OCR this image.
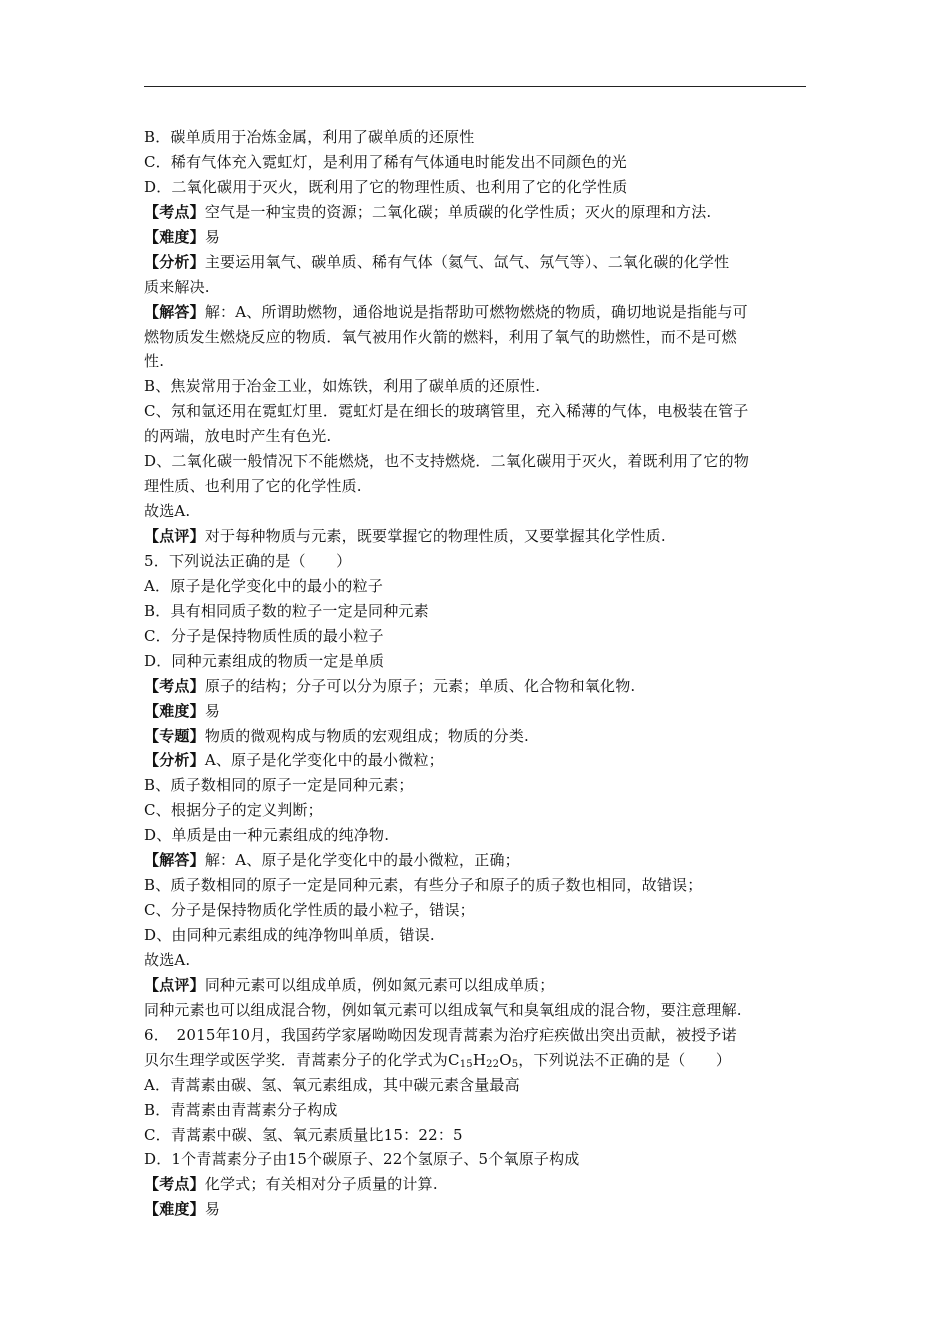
B．碳单质用于冶炼金属，利用了碳单质的还原性
C．稀有气体充入霓虹灯，是利用了稀有气体通电时能发出不同颜色的光
D．二氧化碳用于灭火，既利用了它的物理性质、也利用了它的化学性质
【考点】空气是一种宝贵的资源；二氧化碳；单质碳的化学性质；灭火的原理和方法.
【难度】易
【分析】主要运用氧气、碳单质、稀有气体（氦气、氙气、氖气等）、二氧化碳的化学性
质来解决.
【解答】解：A、所谓助燃物，通俗地说是指帮助可燃物燃烧的物质，确切地说是指能与可
燃物质发生燃烧反应的物质．氧气被用作火箭的燃料，利用了氧气的助燃性，而不是可燃
性.
B、焦炭常用于冶金工业，如炼铁，利用了碳单质的还原性.
C、氖和氩还用在霓虹灯里．霓虹灯是在细长的玻璃管里，充入稀薄的气体，电极装在管子
的两端，放电时产生有色光.
D、二氧化碳一般情况下不能燃烧，也不支持燃烧．二氧化碳用于灭火，着既利用了它的物
理性质、也利用了它的化学性质.
故选A.
【点评】对于每种物质与元素，既要掌握它的物理性质，又要掌握其化学性质.
5．下列说法正确的是（　　）
A．原子是化学变化中的最小的粒子
B．具有相同质子数的粒子一定是同种元素
C．分子是保持物质性质的最小粒子
D．同种元素组成的物质一定是单质
【考点】原子的结构；分子可以分为原子；元素；单质、化合物和氧化物.
【难度】易
【专题】物质的微观构成与物质的宏观组成；物质的分类.
【分析】A、原子是化学变化中的最小微粒；
B、质子数相同的原子一定是同种元素；
C、根据分子的定义判断；
D、单质是由一种元素组成的纯净物.
【解答】解：A、原子是化学变化中的最小微粒，正确；
B、质子数相同的原子一定是同种元素，有些分子和原子的质子数也相同，故错误；
C、分子是保持物质化学性质的最小粒子，错误；
D、由同种元素组成的纯净物叫单质，错误.
故选A.
【点评】同种元素可以组成单质，例如氮元素可以组成单质；
同种元素也可以组成混合物，例如氧元素可以组成氧气和臭氧组成的混合物，要注意理解.
6．　2015年10月，我国药学家屠呦呦因发现青蒿素为治疗疟疾做出突出贡献，被授予诺
贝尔生理学或医学奖．青蒿素分子的化学式为$C_{15}H_{22}O_5$，下列说法不正确的是（　　）
A．青蒿素由碳、氢、氧元素组成，其中碳元素含量最高
B．青蒿素由青蒿素分子构成
C．青蒿素中碳、氢、氧元素质量比15：22：5
D．1个青蒿素分子由15个碳原子、22个氢原子、5个氧原子构成
【考点】化学式；有关相对分子质量的计算.
【难度】易
